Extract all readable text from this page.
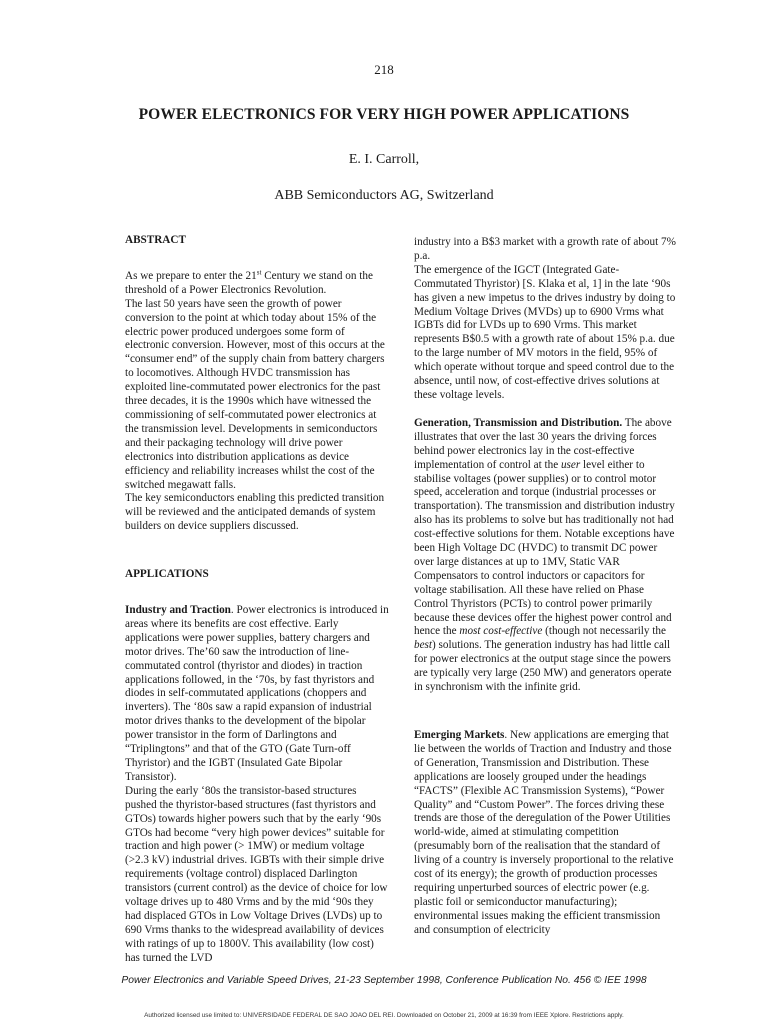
218
POWER ELECTRONICS FOR VERY HIGH POWER APPLICATIONS
E. I. Carroll,
ABB Semiconductors AG, Switzerland

ABSTRACT

As we prepare to enter the 21st Century we stand on the threshold of a Power Electronics Revolution.

The last 50 years have seen the growth of power conversion to the point at which today about 15% of the electric power produced undergoes some form of electronic conversion. However, most of this occurs at the “consumer end” of the supply chain from battery chargers to locomotives. Although HVDC transmission has exploited line-commutated power electronics for the past three decades, it is the 1990s which have witnessed the commissioning of self-commutated power electronics at the transmission level. Developments in semiconductors and their packaging technology will drive power electronics into distribution applications as device efficiency and reliability increases whilst the cost of the switched megawatt falls.

The key semiconductors enabling this predicted transition will be reviewed and the anticipated demands of system builders on device suppliers discussed.

APPLICATIONS

Industry and Traction. Power electronics is introduced in areas where its benefits are cost effective. Early applications were power supplies, battery chargers and motor drives. The’60 saw the introduction of line-commutated control (thyristor and diodes) in traction applications followed, in the ‘70s, by fast thyristors and diodes in self-commutated applications (choppers and inverters). The ‘80s saw a rapid expansion of industrial motor drives thanks to the development of the bipolar power transistor in the form of Darlingtons and “Triplingtons” and that of the GTO (Gate Turn-off Thyristor) and the IGBT (Insulated Gate Bipolar Transistor).

During the early ‘80s the transistor-based structures pushed the thyristor-based structures (fast thyristors and GTOs) towards higher powers such that by the early ‘90s GTOs had become “very high power devices” suitable for traction and high power (> 1MW) or medium voltage (>2.3 kV) industrial drives. IGBTs with their simple drive requirements (voltage control) displaced Darlington transistors (current control) as the device of choice for low voltage drives up to 480 Vrms and by the mid ‘90s they had displaced GTOs in Low Voltage Drives (LVDs) up to 690 Vrms thanks to the widespread availability of devices with ratings of up to 1800V. This availability (low cost) has turned the LVD

industry into a B$3 market with a growth rate of about 7% p.a.

The emergence of the IGCT (Integrated Gate-Commutated Thyristor) [S. Klaka et al, 1] in the late ‘90s has given a new impetus to the drives industry by doing to Medium Voltage Drives (MVDs) up to 6900 Vrms what IGBTs did for LVDs up to 690 Vrms. This market represents B$0.5 with a growth rate of about 15% p.a. due to the large number of MV motors in the field, 95% of which operate without torque and speed control due to the absence, until now, of cost-effective drives solutions at these voltage levels.

Generation, Transmission and Distribution. The above illustrates that over the last 30 years the driving forces behind power electronics lay in the cost-effective implementation of control at the user level either to stabilise voltages (power supplies) or to control motor speed, acceleration and torque (industrial processes or transportation). The transmission and distribution industry also has its problems to solve but has traditionally not had cost-effective solutions for them. Notable exceptions have been High Voltage DC (HVDC) to transmit DC power over large distances at up to 1MV, Static VAR Compensators to control inductors or capacitors for voltage stabilisation. All these have relied on Phase Control Thyristors (PCTs) to control power primarily because these devices offer the highest power control and hence the most cost-effective (though not necessarily the best) solutions. The generation industry has had little call for power electronics at the output stage since the powers are typically very large (250 MW) and generators operate in synchronism with the infinite grid.

Emerging Markets. New applications are emerging that lie between the worlds of Traction and Industry and those of Generation, Transmission and Distribution. These applications are loosely grouped under the headings “FACTS” (Flexible AC Transmission Systems), “Power Quality” and “Custom Power”. The forces driving these trends are those of the deregulation of the Power Utilities world-wide, aimed at stimulating competition (presumably born of the realisation that the standard of living of a country is inversely proportional to the relative cost of its energy); the growth of production processes requiring unperturbed sources of electric power (e.g. plastic foil or semiconductor manufacturing); environmental issues making the efficient transmission and consumption of electricity

Power Electronics and Variable Speed Drives, 21-23 September 1998, Conference Publication No. 456 © IEE 1998
Authorized licensed use limited to: UNIVERSIDADE FEDERAL DE SAO JOAO DEL REI. Downloaded on October 21, 2009 at 16:39 from IEEE Xplore. Restrictions apply.
